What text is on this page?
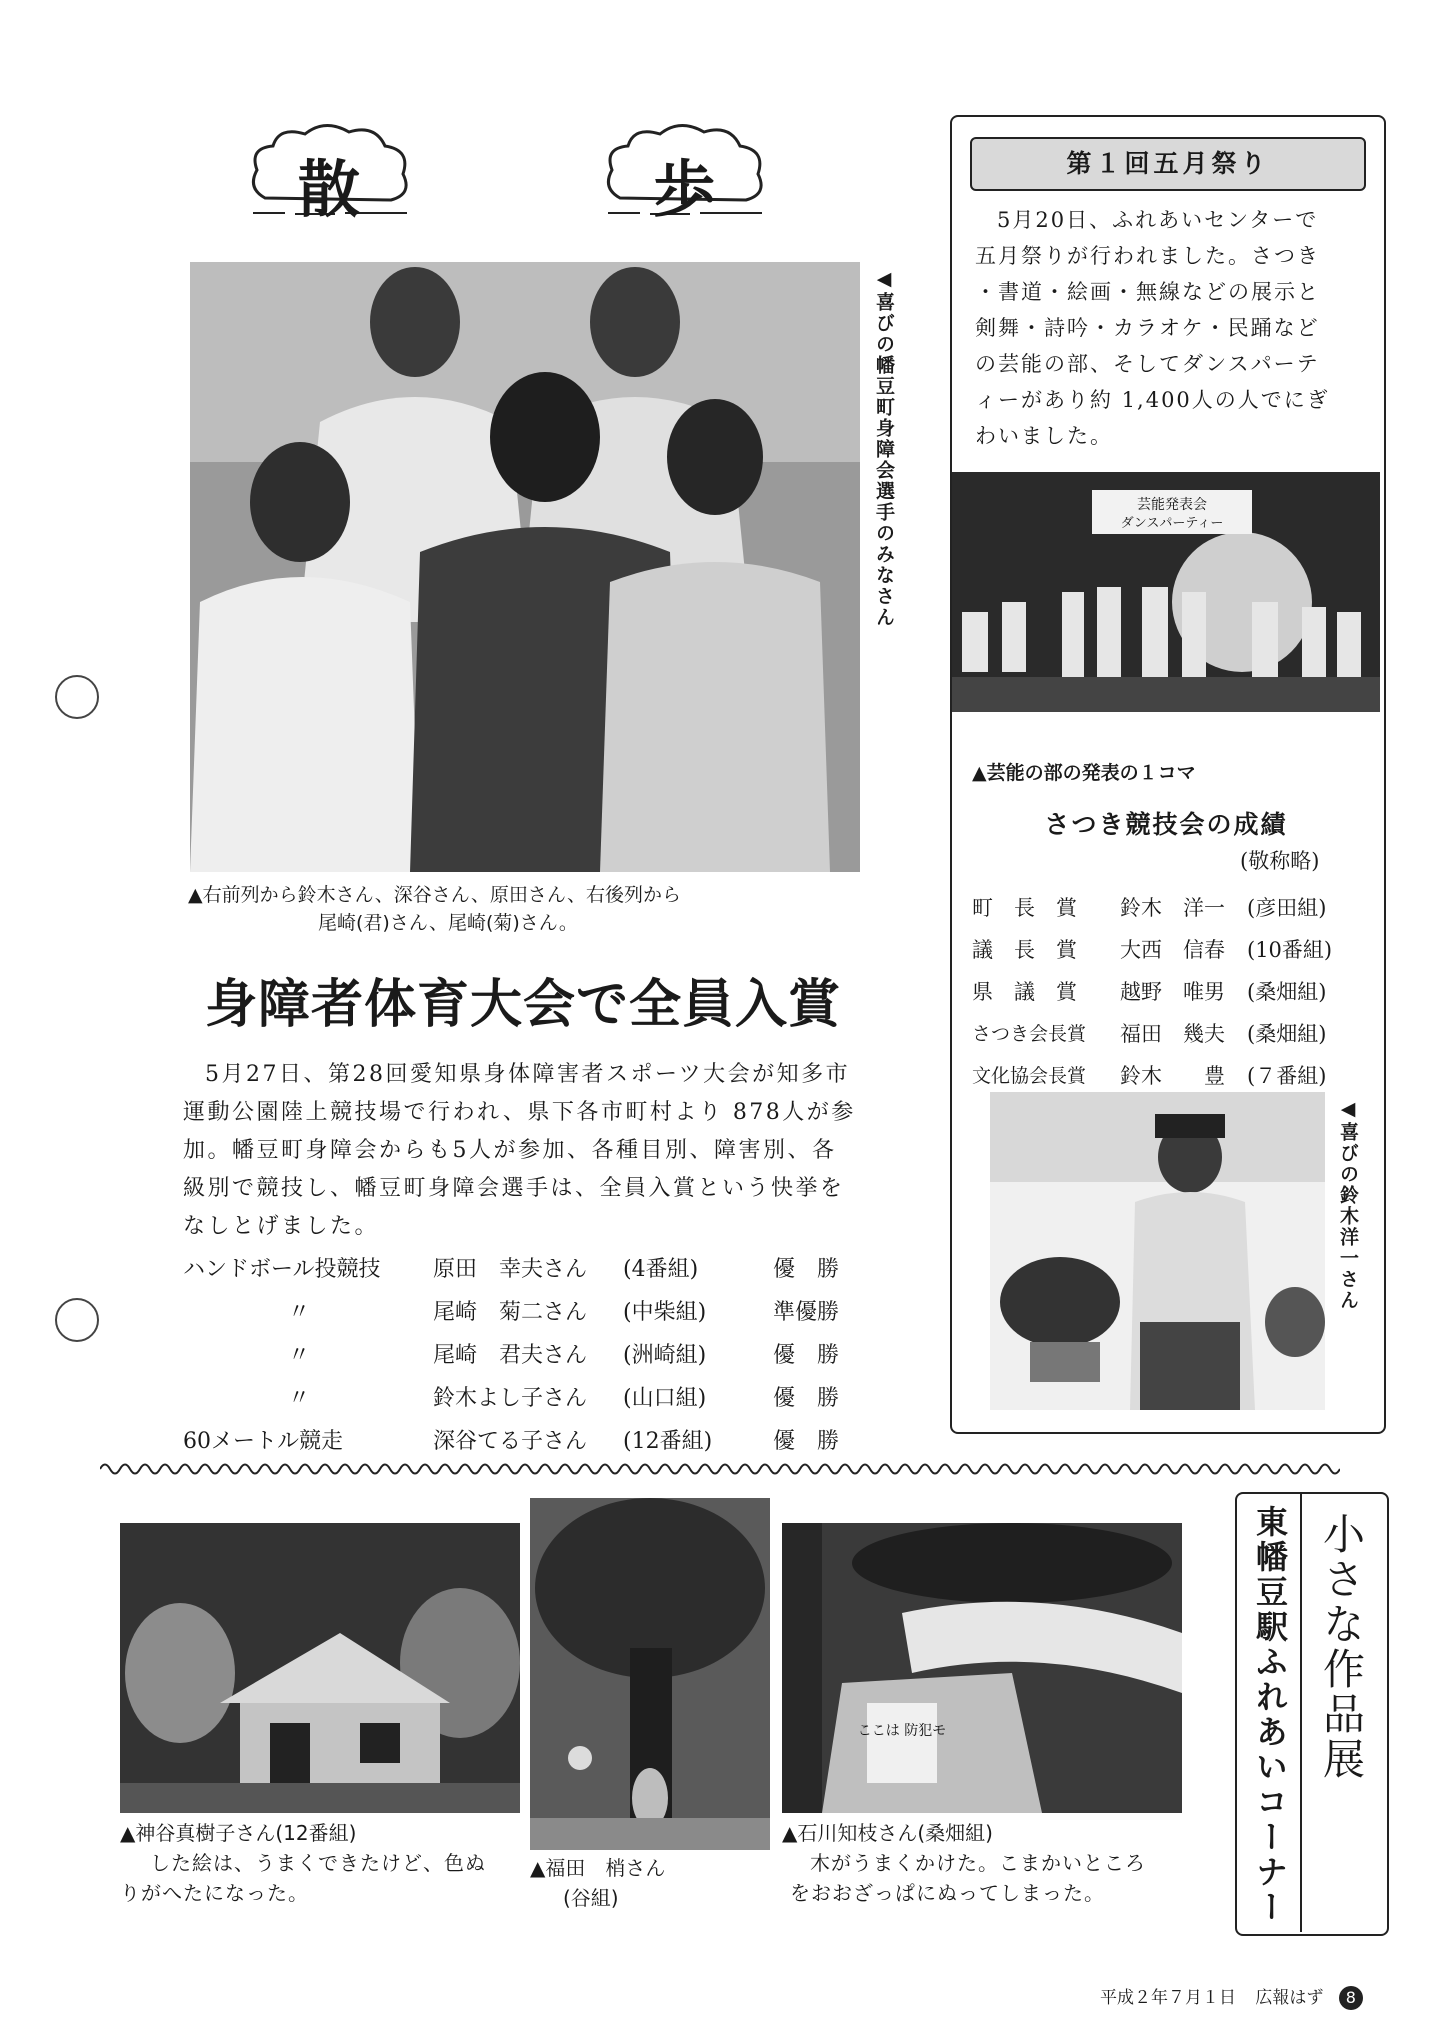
散	歩
◀喜びの幡豆町身障会選手のみなさん
▲右前列から鈴木さん、深谷さん、原田さん、右後列から
尾崎(君)さん、尾崎(菊)さん。
身障者体育大会で全員入賞
5月27日、第28回愛知県身体障害者スポーツ大会が知多市
運動公園陸上競技場で行われ、県下各市町村より 878人が参
加。幡豆町身障会からも5人が参加、各種目別、障害別、各
級別で競技し、幡豆町身障会選手は、全員入賞という快挙を
なしとげました。
ハンドボール投競技 原田　幸夫さん (4番組)	優　勝
〃	尾崎　菊二さん (中柴組)	準優勝
〃	尾崎　君夫さん (洲崎組)	優　勝
〃	鈴木よし子さん (山口組)	優　勝
60メートル競走	深谷てる子さん (12番組)	優　勝
第１回五月祭り
5月20日、ふれあいセンターで
五月祭りが行われました。さつき
・書道・絵画・無線などの展示と
剣舞・詩吟・カラオケ・民踊など
の芸能の部、そしてダンスパーテ
ィーがあり約 1,400人の人でにぎ
わいました。
芸能発表会
ダンスパーティー
▲芸能の部の発表の１コマ
さつき競技会の成績
(敬称略)
町　長　賞 鈴木　洋一 (彦田組)
議　長　賞 大西　信春 (10番組)
県　議　賞 越野　唯男 (桑畑組)
さつき会長賞 福田　幾夫 (桑畑組)
文化協会長賞 鈴木　　豊 (７番組)
◀喜びの鈴木洋一さん
▲神谷真樹子さん(12番組)
した絵は、うまくできたけど、色ぬ
りがへたになった。
▲福田　梢さん
(谷組)
ここは 防犯モ
▲石川知枝さん(桑畑組)
木がうまくかけた。こまかいところ
をおおざっぱにぬってしまった。
小さな作品展
東幡豆駅ふれあいコーナー
平成２年７月１日 広報はず 8
